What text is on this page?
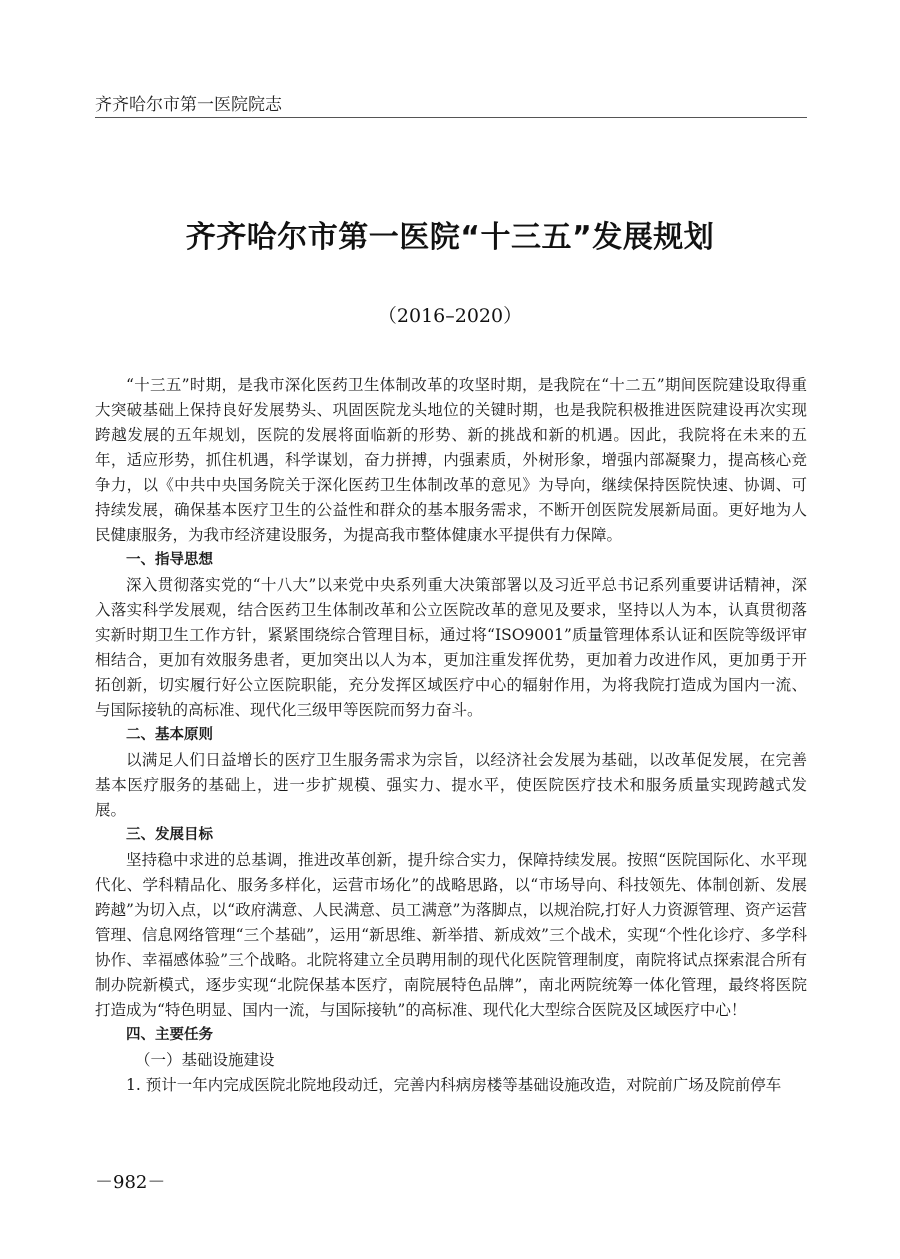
齐齐哈尔市第一医院院志
齐齐哈尔市第一医院“十三五”发展规划
（2016–2020）

“十三五”时期，是我市深化医药卫生体制改革的攻坚时期，是我院在“十二五”期间医院建设取得重大突破基础上保持良好发展势头、巩固医院龙头地位的关键时期，也是我院积极推进医院建设再次实现跨越发展的五年规划，医院的发展将面临新的形势、新的挑战和新的机遇。因此，我院将在未来的五年，适应形势，抓住机遇，科学谋划，奋力拼搏，内强素质，外树形象，增强内部凝聚力，提高核心竞争力，以《中共中央国务院关于深化医药卫生体制改革的意见》为导向，继续保持医院快速、协调、可持续发展，确保基本医疗卫生的公益性和群众的基本服务需求，不断开创医院发展新局面。更好地为人民健康服务，为我市经济建设服务，为提高我市整体健康水平提供有力保障。

一、指导思想

深入贯彻落实党的“十八大”以来党中央系列重大决策部署以及习近平总书记系列重要讲话精神，深入落实科学发展观，结合医药卫生体制改革和公立医院改革的意见及要求，坚持以人为本，认真贯彻落实新时期卫生工作方针，紧紧围绕综合管理目标，通过将“ISO9001”质量管理体系认证和医院等级评审相结合，更加有效服务患者，更加突出以人为本，更加注重发挥优势，更加着力改进作风，更加勇于开拓创新，切实履行好公立医院职能，充分发挥区域医疗中心的辐射作用，为将我院打造成为国内一流、与国际接轨的高标准、现代化三级甲等医院而努力奋斗。

二、基本原则

以满足人们日益增长的医疗卫生服务需求为宗旨，以经济社会发展为基础，以改革促发展，在完善基本医疗服务的基础上，进一步扩规模、强实力、提水平，使医院医疗技术和服务质量实现跨越式发展。

三、发展目标

坚持稳中求进的总基调，推进改革创新，提升综合实力，保障持续发展。按照“医院国际化、水平现代化、学科精品化、服务多样化，运营市场化”的战略思路，以“市场导向、科技领先、体制创新、发展跨越”为切入点，以“政府满意、人民满意、员工满意”为落脚点，以规治院,打好人力资源管理、资产运营管理、信息网络管理“三个基础”，运用“新思维、新举措、新成效”三个战术，实现“个性化诊疗、多学科协作、幸福感体验”三个战略。北院将建立全员聘用制的现代化医院管理制度，南院将试点探索混合所有制办院新模式，逐步实现“北院保基本医疗，南院展特色品牌”，南北两院统筹一体化管理，最终将医院打造成为“特色明显、国内一流，与国际接轨”的高标准、现代化大型综合医院及区域医疗中心！

四、主要任务
（一）基础设施建设

1. 预计一年内完成医院北院地段动迁，完善内科病房楼等基础设施改造，对院前广场及院前停车

－982－
